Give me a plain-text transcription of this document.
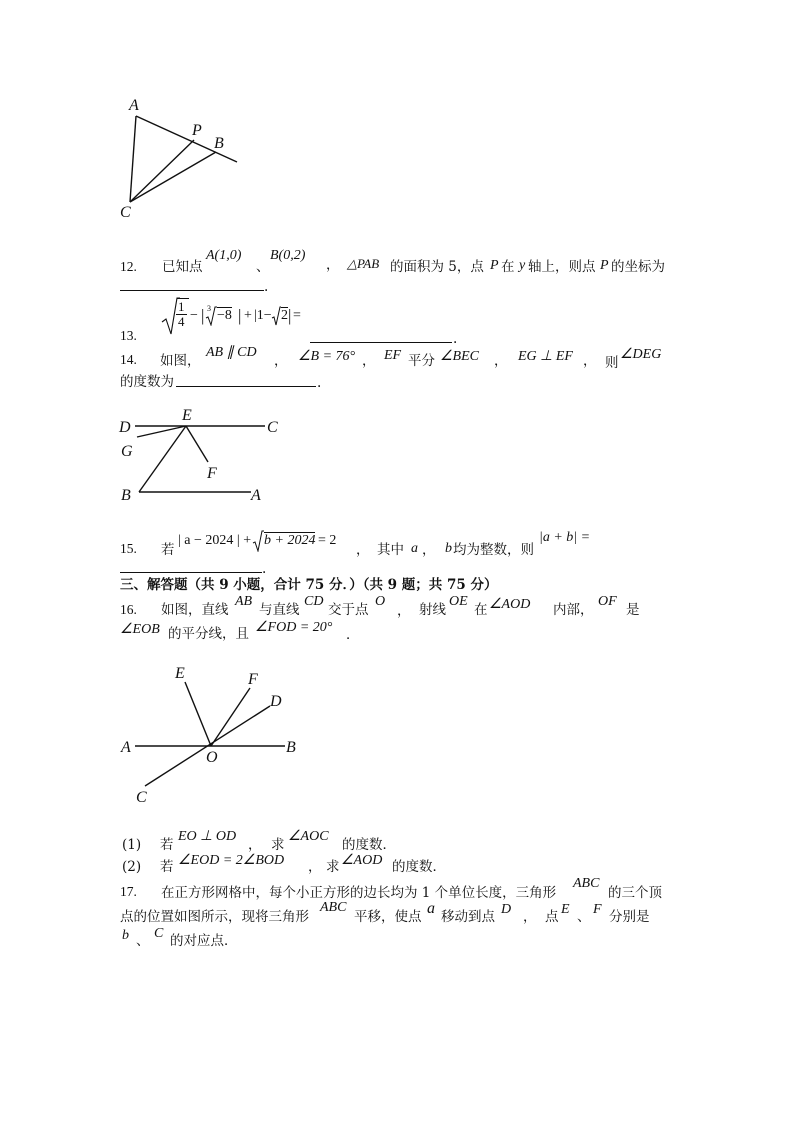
A
P
B
C
12. 已知点
A(1,0)
、
B(0,2)
， △PAB 的面积为 5，点 P 在 y 轴上，则点 P 的坐标为
.
13.
$\frac{1}{4}$ − | 3 −8 | + |1− 2 | =
.
14. 如图，
AB ∥ CD
， ∠B = 76° ， EF 平分 ∠BEC ， EG ⊥ EF ， 则
∠DEG
的度数为	.
D
E
C
G
F
B	A
15. 若
| a − 2024 | + b + 2024 = 2
， 其中 a ， b 均为整数，则
|a + b| =
.
三、解答题（共 9 小题，合计 75 分．）（共 9 题；共 75 分）
16. 如图，直线
AB
与直线
CD
交于点
O
， 射线
OE
在 ∠AOD 内部，
OF
是
∠EOB 的平分线，且 ∠FOD = 20° ．
E	F
D
A
O
B
C
(1) 若
EO ⊥ OD
， 求
∠AOC
的度数．
(2) 若 ∠EOD = 2∠BOD ， 求 ∠AOD 的度数．
17. 在正方形网格中，每个小正方形的边长均为 1 个单位长度，三角形
ABC
的三个顶
点的位置如图所示，现将三角形
ABC
平移，使点 a 移动到点 D ， 点 E 、 F 分别是
b 、 C 的对应点．
